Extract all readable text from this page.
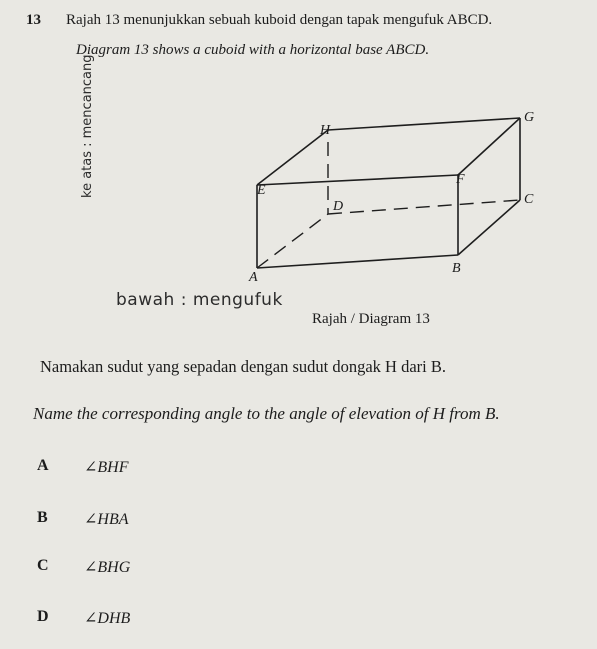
13 Rajah 13 menunjukkan sebuah kuboid dengan tapak mengufuk ABCD.
Diagram 13 shows a cuboid with a horizontal base ABCD.
H
G
E
F
D	C
A
B
ke atas : mencancang
bawah : mengufuk
Rajah / Diagram 13
Namakan sudut yang sepadan dengan sudut dongak H dari B.
Name the corresponding angle to the angle of elevation of H from B.
A ∠BHF
B ∠HBA
C ∠BHG
D ∠DHB
